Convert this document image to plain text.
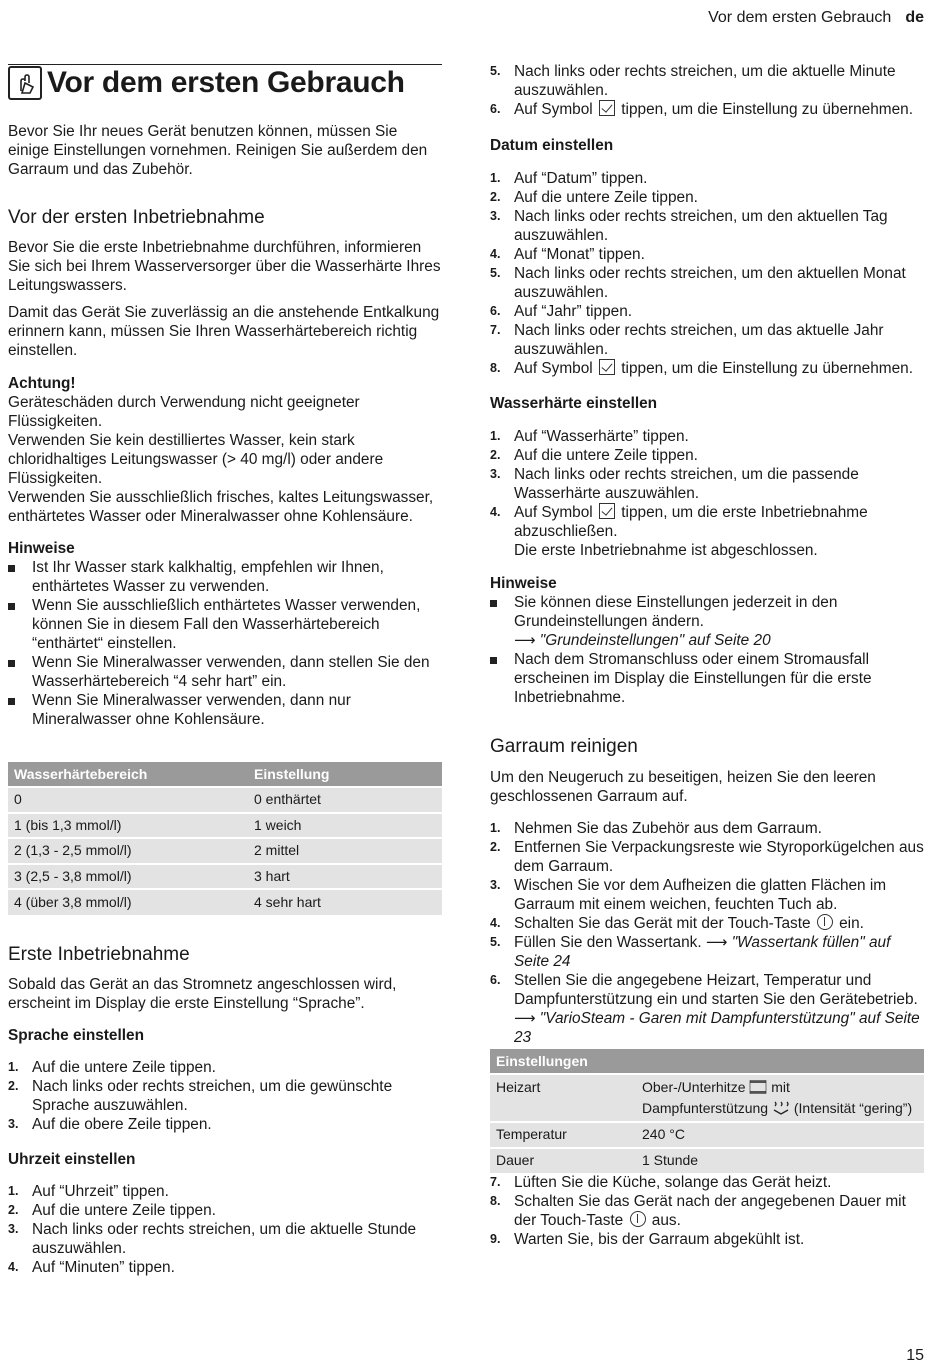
Vor dem ersten Gebrauch de
Vor dem ersten Gebrauch

Bevor Sie Ihr neues Gerät benutzen können, müssen Sie einige Einstellungen vornehmen. Reinigen Sie außerdem den Garraum und das Zubehör.

Vor der ersten Inbetriebnahme

Bevor Sie die erste Inbetriebnahme durchführen, informieren Sie sich bei Ihrem Wasserversorger über die Wasserhärte Ihres Leitungswassers.

Damit das Gerät Sie zuverlässig an die anstehende Entkalkung erinnern kann, müssen Sie Ihren Wasserhärtebereich richtig einstellen.

Achtung!

Geräteschäden durch Verwendung nicht geeigneter Flüssigkeiten.

Verwenden Sie kein destilliertes Wasser, kein stark chloridhaltiges Leitungswasser (> 40 mg/l) oder andere Flüssigkeiten.

Verwenden Sie ausschließlich frisches, kaltes Leitungswasser, enthärtetes Wasser oder Mineralwasser ohne Kohlensäure.

Hinweise

Ist Ihr Wasser stark kalkhaltig, empfehlen wir Ihnen, enthärtetes Wasser zu verwenden.
Wenn Sie ausschließlich enthärtetes Wasser verwenden, können Sie in diesem Fall den Wasserhärtebereich “enthärtet“ einstellen.
Wenn Sie Mineralwasser verwenden, dann stellen Sie den Wasserhärtebereich “4 sehr hart” ein.
Wenn Sie Mineralwasser verwenden, dann nur Mineralwasser ohne Kohlensäure.
Wasserhärtebereich	Einstellung
0	0 enthärtet
1 (bis 1,3 mmol/l)	1 weich
2 (1,3 - 2,5 mmol/l)	2 mittel
3 (2,5 - 3,8 mmol/l)	3 hart
4 (über 3,8 mmol/l)	4 sehr hart
Erste Inbetriebnahme

Sobald das Gerät an das Stromnetz angeschlossen wird, erscheint im Display die erste Einstellung “Sprache”.

Sprache einstellen

1. Auf die untere Zeile tippen.
2. Nach links oder rechts streichen, um die gewünschte Sprache auszuwählen.
3. Auf die obere Zeile tippen.

Uhrzeit einstellen

1. Auf “Uhrzeit” tippen.
2. Auf die untere Zeile tippen.
3. Nach links oder rechts streichen, um die aktuelle Stunde auszuwählen.
4. Auf “Minuten” tippen.
5. Nach links oder rechts streichen, um die aktuelle Minute auszuwählen.
6. Auf Symbol tippen, um die Einstellung zu übernehmen.

Datum einstellen

1. Auf “Datum” tippen.
2. Auf die untere Zeile tippen.
3. Nach links oder rechts streichen, um den aktuellen Tag auszuwählen.
4. Auf “Monat” tippen.
5. Nach links oder rechts streichen, um den aktuellen Monat auszuwählen.
6. Auf “Jahr” tippen.
7. Nach links oder rechts streichen, um das aktuelle Jahr auszuwählen.
8. Auf Symbol tippen, um die Einstellung zu übernehmen.

Wasserhärte einstellen

1. Auf “Wasserhärte” tippen.
2. Auf die untere Zeile tippen.
3. Nach links oder rechts streichen, um die passende Wasserhärte auszuwählen.
4. Auf Symbol tippen, um die erste Inbetriebnahme abzuschließen.
Die erste Inbetriebnahme ist abgeschlossen.

Hinweise

Sie können diese Einstellungen jederzeit in den Grundeinstellungen ändern.
⟶ "Grundeinstellungen" auf Seite 20
Nach dem Stromanschluss oder einem Stromausfall erscheinen im Display die Einstellungen für die erste Inbetriebnahme.
Garraum reinigen

Um den Neugeruch zu beseitigen, heizen Sie den leeren geschlossenen Garraum auf.

1. Nehmen Sie das Zubehör aus dem Garraum.
2. Entfernen Sie Verpackungsreste wie Styroporkügelchen aus dem Garraum.
3. Wischen Sie vor dem Aufheizen die glatten Flächen im Garraum mit einem weichen, feuchten Tuch ab.
4. Schalten Sie das Gerät mit der Touch-Taste ein.
5. Füllen Sie den Wassertank. ⟶ "Wassertank füllen" auf Seite 24
6. Stellen Sie die angegebene Heizart, Temperatur und Dampfunterstützung ein und starten Sie den Gerätebetrieb. ⟶ "VarioSteam - Garen mit Dampfunterstützung" auf Seite 23
Einstellungen	
Heizart	Ober-/Unterhitze mit
Dampfunterstützung (Intensität “gering”)
Temperatur	240 °C
Dauer	1 Stunde
7. Lüften Sie die Küche, solange das Gerät heizt.
8. Schalten Sie das Gerät nach der angegebenen Dauer mit der Touch-Taste aus.
9. Warten Sie, bis der Garraum abgekühlt ist.
15
